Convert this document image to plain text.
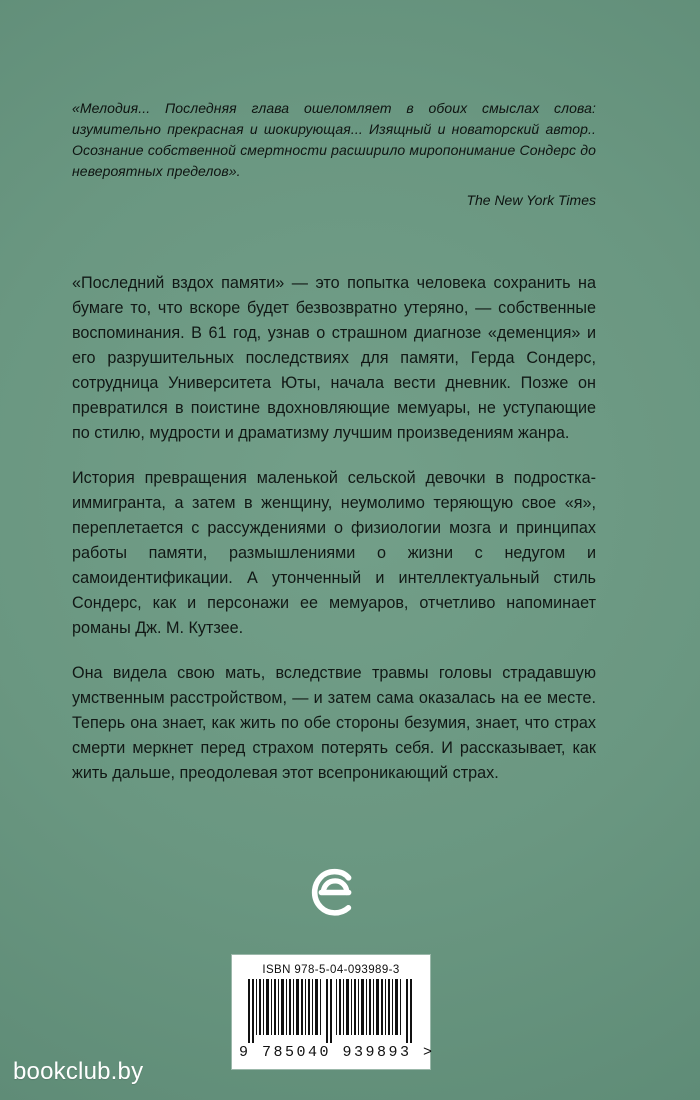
«Мелодия... Последняя глава ошеломляет в обоих смыслах слова: изумительно прекрасная и шокирующая... Изящный и новаторский автор.. Осознание собственной смертности расширило миропонимание Сондерс до невероятных пределов».

The New York Times

«Последний вздох памяти» — это попытка человека сохранить на бумаге то, что вскоре будет безвозвратно утеряно, — собственные воспоминания. В 61 год, узнав о страшном диагнозе «деменция» и его разрушительных последствиях для памяти, Герда Сондерс, сотрудница Университета Юты, начала вести дневник. Позже он превратился в поистине вдохновляющие мемуары, не уступающие по стилю, мудрости и драматизму лучшим произведениям жанра.

История превращения маленькой сельской девочки в подростка-иммигранта, а затем в женщину, неумолимо теряющую свое «я», переплетается с рассуждениями о физиологии мозга и принципах работы памяти, размышлениями о жизни с недугом и самоидентификации. А утонченный и интеллектуальный стиль Сондерс, как и персонажи ее мемуаров, отчетливо напоминает романы Дж. М. Кутзее.

Она видела свою мать, вследствие травмы головы страдавшую умственным расстройством, — и затем сама оказалась на ее месте. Теперь она знает, как жить по обе стороны безумия, знает, что страх смерти меркнет перед страхом потерять себя. И рассказывает, как жить дальше, преодолевая этот всепроникающий страх.

ISBN 978-5-04-093989-3
9 785040 939893 >
bookclub.by
